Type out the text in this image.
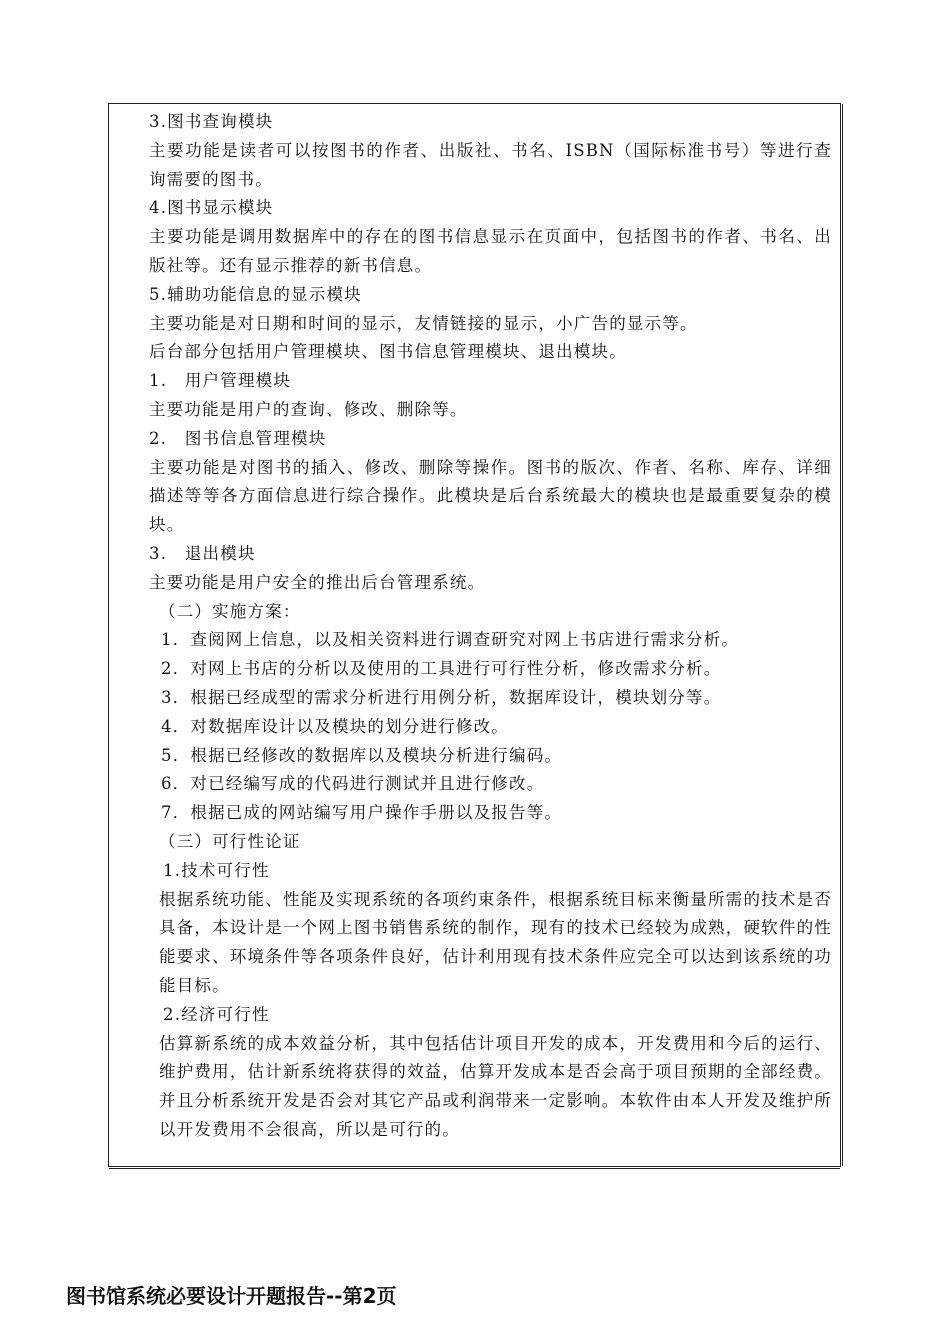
3.图书查询模块

主要功能是读者可以按图书的作者、出版社、书名、ISBN（国际标准书号）等进行查询需要的图书。

4.图书显示模块

主要功能是调用数据库中的存在的图书信息显示在页面中，包括图书的作者、书名、出版社等。还有显示推荐的新书信息。

5.辅助功能信息的显示模块

主要功能是对日期和时间的显示，友情链接的显示，小广告的显示等。

后台部分包括用户管理模块、图书信息管理模块、退出模块。

1.　用户管理模块

主要功能是用户的查询、修改、删除等。

2.　图书信息管理模块

主要功能是对图书的插入、修改、删除等操作。图书的版次、作者、名称、库存、详细描述等等各方面信息进行综合操作。此模块是后台系统最大的模块也是最重要复杂的模块。

3.　退出模块

主要功能是用户安全的推出后台管理系统。

（二）实施方案：

1．查阅网上信息，以及相关资料进行调查研究对网上书店进行需求分析。

2．对网上书店的分析以及使用的工具进行可行性分析，修改需求分析。

3．根据已经成型的需求分析进行用例分析，数据库设计，模块划分等。

4．对数据库设计以及模块的划分进行修改。

5．根据已经修改的数据库以及模块分析进行编码。

6．对已经编写成的代码进行测试并且进行修改。

7．根据已成的网站编写用户操作手册以及报告等。

（三）可行性论证

1.技术可行性

根据系统功能、性能及实现系统的各项约束条件，根据系统目标来衡量所需的技术是否具备，本设计是一个网上图书销售系统的制作，现有的技术已经较为成熟，硬软件的性能要求、环境条件等各项条件良好，估计利用现有技术条件应完全可以达到该系统的功能目标。

2.经济可行性

估算新系统的成本效益分析，其中包括估计项目开发的成本，开发费用和今后的运行、维护费用，估计新系统将获得的效益，估算开发成本是否会高于项目预期的全部经费。并且分析系统开发是否会对其它产品或利润带来一定影响。本软件由本人开发及维护所以开发费用不会很高，所以是可行的。

图书馆系统必要设计开题报告--第2页
